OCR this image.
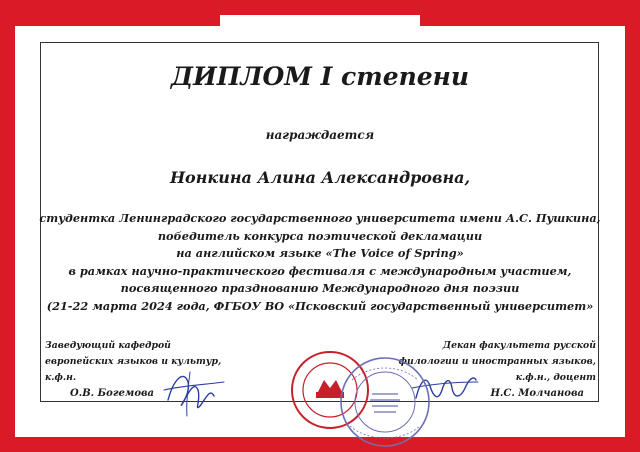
ДИПЛОМ I степени
награждается
Нонкина Алина Александровна,
студентка Ленинградского государственного университета имени А.С. Пушкина,
победитель конкурса поэтической декламации
на английском языке «The Voice of Spring»
в рамках научно-практического фестиваля с международным участием,
посвященного празднованию Международного дня поэзии
(21-22 марта 2024 года, ФГБОУ ВО «Псковский государственный университет»
Заведующий кафедрой
европейских языков и культур,
к.ф.н.
О.В. Богемова
Декан факультета русской
филологии и иностранных языков,
к.ф.н., доцент
Н.С. Молчанова
